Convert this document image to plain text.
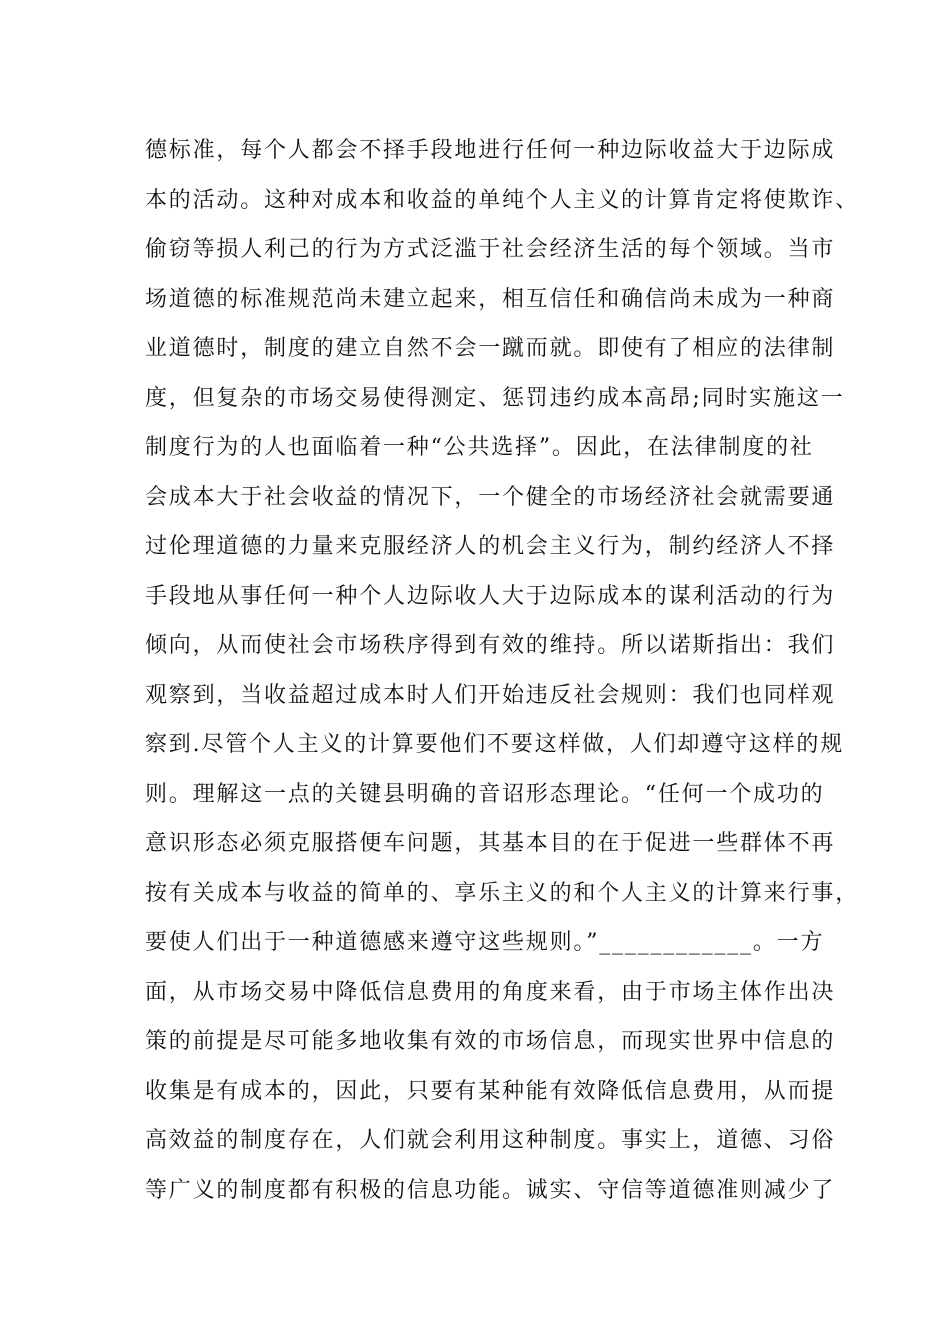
德标准，每个人都会不择手段地进行任何一种边际收益大于边际成
本的活动。这种对成本和收益的单纯个人主义的计算肯定将使欺诈、
偷窃等损人利己的行为方式泛滥于社会经济生活的每个领域。当市
场道德的标准规范尚未建立起来，相互信任和确信尚未成为一种商
业道德时，制度的建立自然不会一蹴而就。即使有了相应的法律制
度，但复杂的市场交易使得测定、惩罚违约成本高昂;同时实施这一
制度行为的人也面临着一种“公共选择”。因此，在法律制度的社
会成本大于社会收益的情况下，一个健全的市场经济社会就需要通
过伦理道德的力量来克服经济人的机会主义行为，制约经济人不择
手段地从事任何一种个人边际收人大于边际成本的谋利活动的行为
倾向，从而使社会市场秩序得到有效的维持。所以诺斯指出：我们
观察到，当收益超过成本时人们开始违反社会规则：我们也同样观
察到.尽管个人主义的计算要他们不要这样做，人们却遵守这样的规
则。理解这一点的关键县明确的音诏形态理论。“任何一个成功的
意识形态必须克服搭便车问题，其基本目的在于促进一些群体不再
按有关成本与收益的简单的、享乐主义的和个人主义的计算来行事，
要使人们出于一种道德感来遵守这些规则。”____________。一方
面，从市场交易中降低信息费用的角度来看，由于市场主体作出决
策的前提是尽可能多地收集有效的市场信息，而现实世界中信息的
收集是有成本的，因此，只要有某种能有效降低信息费用，从而提
高效益的制度存在，人们就会利用这种制度。事实上，道德、习俗
等广义的制度都有积极的信息功能。诚实、守信等道德准则减少了
